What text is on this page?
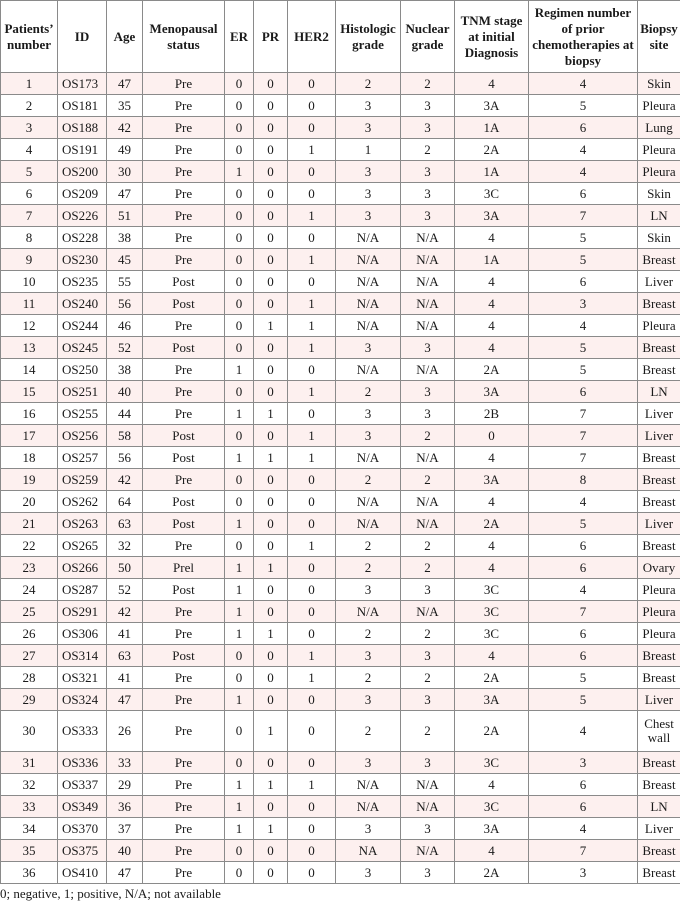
Patients’ number	ID	Age	Menopausal status	ER	PR	HER2	Histologic grade	Nuclear grade	TNM stage at initial Diagnosis	Regimen number of prior chemotherapies at biopsy	Biopsy site
1	OS173	47	Pre	0	0	0	2	2	4	4	Skin
2	OS181	35	Pre	0	0	0	3	3	3A	5	Pleura
3	OS188	42	Pre	0	0	0	3	3	1A	6	Lung
4	OS191	49	Pre	0	0	1	1	2	2A	4	Pleura
5	OS200	30	Pre	1	0	0	3	3	1A	4	Pleura
6	OS209	47	Pre	0	0	0	3	3	3C	6	Skin
7	OS226	51	Pre	0	0	1	3	3	3A	7	LN
8	OS228	38	Pre	0	0	0	N/A	N/A	4	5	Skin
9	OS230	45	Pre	0	0	1	N/A	N/A	1A	5	Breast
10	OS235	55	Post	0	0	0	N/A	N/A	4	6	Liver
11	OS240	56	Post	0	0	1	N/A	N/A	4	3	Breast
12	OS244	46	Pre	0	1	1	N/A	N/A	4	4	Pleura
13	OS245	52	Post	0	0	1	3	3	4	5	Breast
14	OS250	38	Pre	1	0	0	N/A	N/A	2A	5	Breast
15	OS251	40	Pre	0	0	1	2	3	3A	6	LN
16	OS255	44	Pre	1	1	0	3	3	2B	7	Liver
17	OS256	58	Post	0	0	1	3	2	0	7	Liver
18	OS257	56	Post	1	1	1	N/A	N/A	4	7	Breast
19	OS259	42	Pre	0	0	0	2	2	3A	8	Breast
20	OS262	64	Post	0	0	0	N/A	N/A	4	4	Breast
21	OS263	63	Post	1	0	0	N/A	N/A	2A	5	Liver
22	OS265	32	Pre	0	0	1	2	2	4	6	Breast
23	OS266	50	Prel	1	1	0	2	2	4	6	Ovary
24	OS287	52	Post	1	0	0	3	3	3C	4	Pleura
25	OS291	42	Pre	1	0	0	N/A	N/A	3C	7	Pleura
26	OS306	41	Pre	1	1	0	2	2	3C	6	Pleura
27	OS314	63	Post	0	0	1	3	3	4	6	Breast
28	OS321	41	Pre	0	0	1	2	2	2A	5	Breast
29	OS324	47	Pre	1	0	0	3	3	3A	5	Liver
30	OS333	26	Pre	0	1	0	2	2	2A	4	Chest wall
31	OS336	33	Pre	0	0	0	3	3	3C	3	Breast
32	OS337	29	Pre	1	1	1	N/A	N/A	4	6	Breast
33	OS349	36	Pre	1	0	0	N/A	N/A	3C	6	LN
34	OS370	37	Pre	1	1	0	3	3	3A	4	Liver
35	OS375	40	Pre	0	0	0	NA	N/A	4	7	Breast
36	OS410	47	Pre	0	0	0	3	3	2A	3	Breast
0; negative, 1; positive, N/A; not available
